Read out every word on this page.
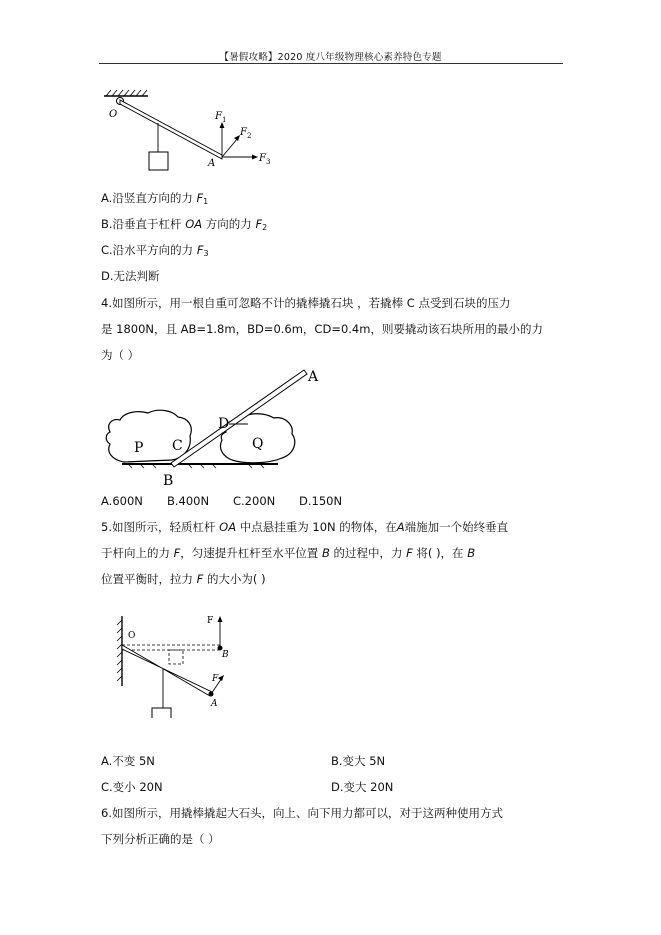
【暑假攻略】2020 度八年级物理核心素养特色专题
O
A
F 1
F 2
F 3
A.沿竖直方向的力 $F_1$
B.沿垂直于杠杆 OA 方向的力 $F_2$
C.沿水平方向的力 $F_3$
D.无法判断
4.如图所示，用一根自重可忽略不计的撬棒撬石块 ，若撬棒 C 点受到石块的压力
是 1800N，且 AB=1.8m，BD=0.6m，CD=0.4m，则要撬动该石块所用的最小的力
为（ ）
A
B
C
D
P	Q
A.600N B.400N C.200N D.150N
5.如图所示，轻质杠杆 OA 中点悬挂重为 10N 的物体，在A端施加一个始终垂直
于杆向上的力 F，匀速提升杠杆至水平位置 B 的过程中，力 F 将( )，在 B
位置平衡时，拉力 F 的大小为( )
O
F
B
F
A
A.不变 5N	B.变大 5N
C.变小 20N	D.变大 20N
6.如图所示，用撬棒撬起大石头，向上、向下用力都可以，对于这两种使用方式
下列分析正确的是（ ）
